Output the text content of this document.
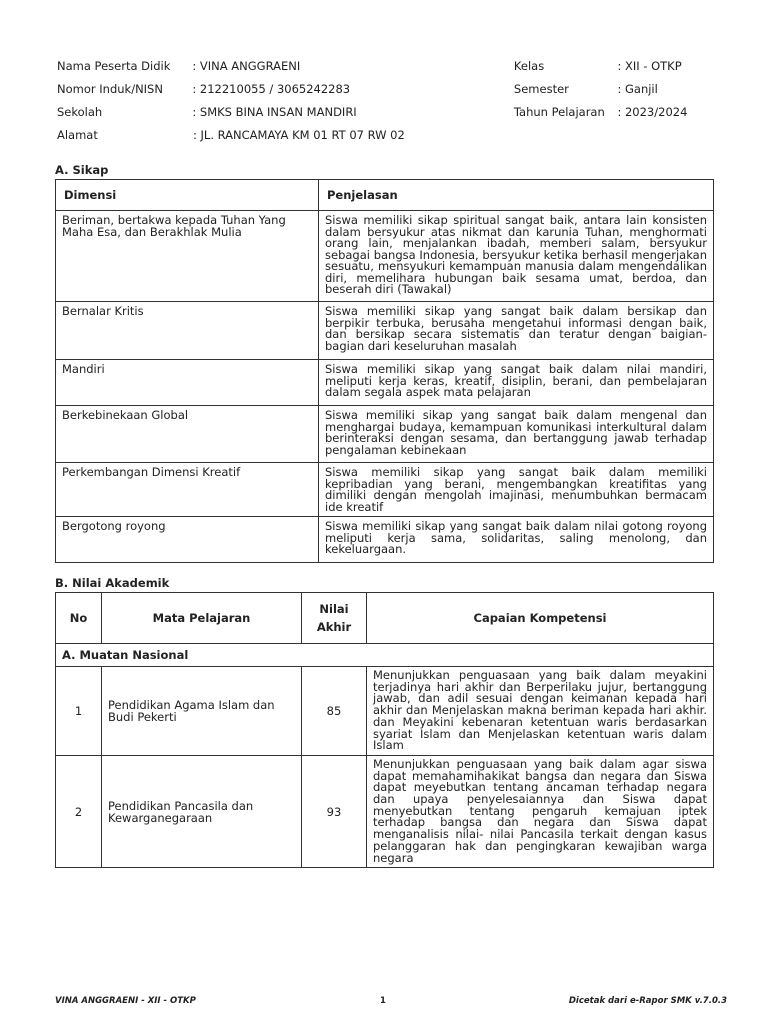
Nama Peserta Didik	: VINA ANGGRAENI	Kelas	: XII - OTKP
Nomor Induk/NISN	: 212210055 / 3065242283	Semester	: Ganjil
Sekolah	: SMKS BINA INSAN MANDIRI	Tahun Pelajaran	: 2023/2024
Alamat	: JL. RANCAMAYA KM 01 RT 07 RW 02
A. Sikap
Dimensi	Penjelasan
Beriman, bertakwa kepada Tuhan Yang Maha Esa, dan Berakhlak Mulia	Siswa memiliki sikap spiritual sangat baik, antara lain konsisten dalam bersyukur atas nikmat dan karunia Tuhan, menghormati orang lain, menjalankan ibadah, memberi salam, bersyukur sebagai bangsa Indonesia, bersyukur ketika berhasil mengerjakan sesuatu, mensyukuri kemampuan manusia dalam mengendalikan diri, memelihara hubungan baik sesama umat, berdoa, dan beserah diri (Tawakal)
Bernalar Kritis	Siswa memiliki sikap yang sangat baik dalam bersikap dan berpikir terbuka, berusaha mengetahui informasi dengan baik, dan bersikap secara sistematis dan teratur dengan baigian-bagian dari keseluruhan masalah
Mandiri	Siswa memiliki sikap yang sangat baik dalam nilai mandiri, meliputi kerja keras, kreatif, disiplin, berani, dan pembelajaran dalam segala aspek mata pelajaran
Berkebinekaan Global	Siswa memiliki sikap yang sangat baik dalam mengenal dan menghargai budaya, kemampuan komunikasi interkultural dalam berinteraksi dengan sesama, dan bertanggung jawab terhadap pengalaman kebinekaan
Perkembangan Dimensi Kreatif	Siswa memiliki sikap yang sangat baik dalam memiliki kepribadian yang berani, mengembangkan kreatifitas yang dimiliki dengan mengolah imajinasi, menumbuhkan bermacam ide kreatif
Bergotong royong	Siswa memiliki sikap yang sangat baik dalam nilai gotong royong meliputi kerja sama, solidaritas, saling menolong, dan kekeluargaan.
B. Nilai Akademik
No	Mata Pelajaran	Nilai Akhir	Capaian Kompetensi
A. Muatan Nasional			
1	Pendidikan Agama Islam dan Budi Pekerti	85	Menunjukkan penguasaan yang baik dalam meyakini terjadinya hari akhir dan Berperilaku jujur, bertanggung jawab, dan adil sesuai dengan keimanan kepada hari akhir dan Menjelaskan makna beriman kepada hari akhir. dan Meyakini kebenaran ketentuan waris berdasarkan syariat Islam dan Menjelaskan ketentuan waris dalam Islam
2	Pendidikan Pancasila dan Kewarganegaraan	93	Menunjukkan penguasaan yang baik dalam agar siswa dapat memahamihakikat bangsa dan negara dan Siswa dapat meyebutkan tentang ancaman terhadap negara dan upaya penyelesaiannya dan Siswa dapat menyebutkan tentang pengaruh kemajuan iptek terhadap bangsa dan negara dan Siswa dapat menganalisis nilai- nilai Pancasila terkait dengan kasus pelanggaran hak dan pengingkaran kewajiban warga negara
VINA ANGGRAENI - XII - OTKP	1	Dicetak dari e-Rapor SMK v.7.0.3
